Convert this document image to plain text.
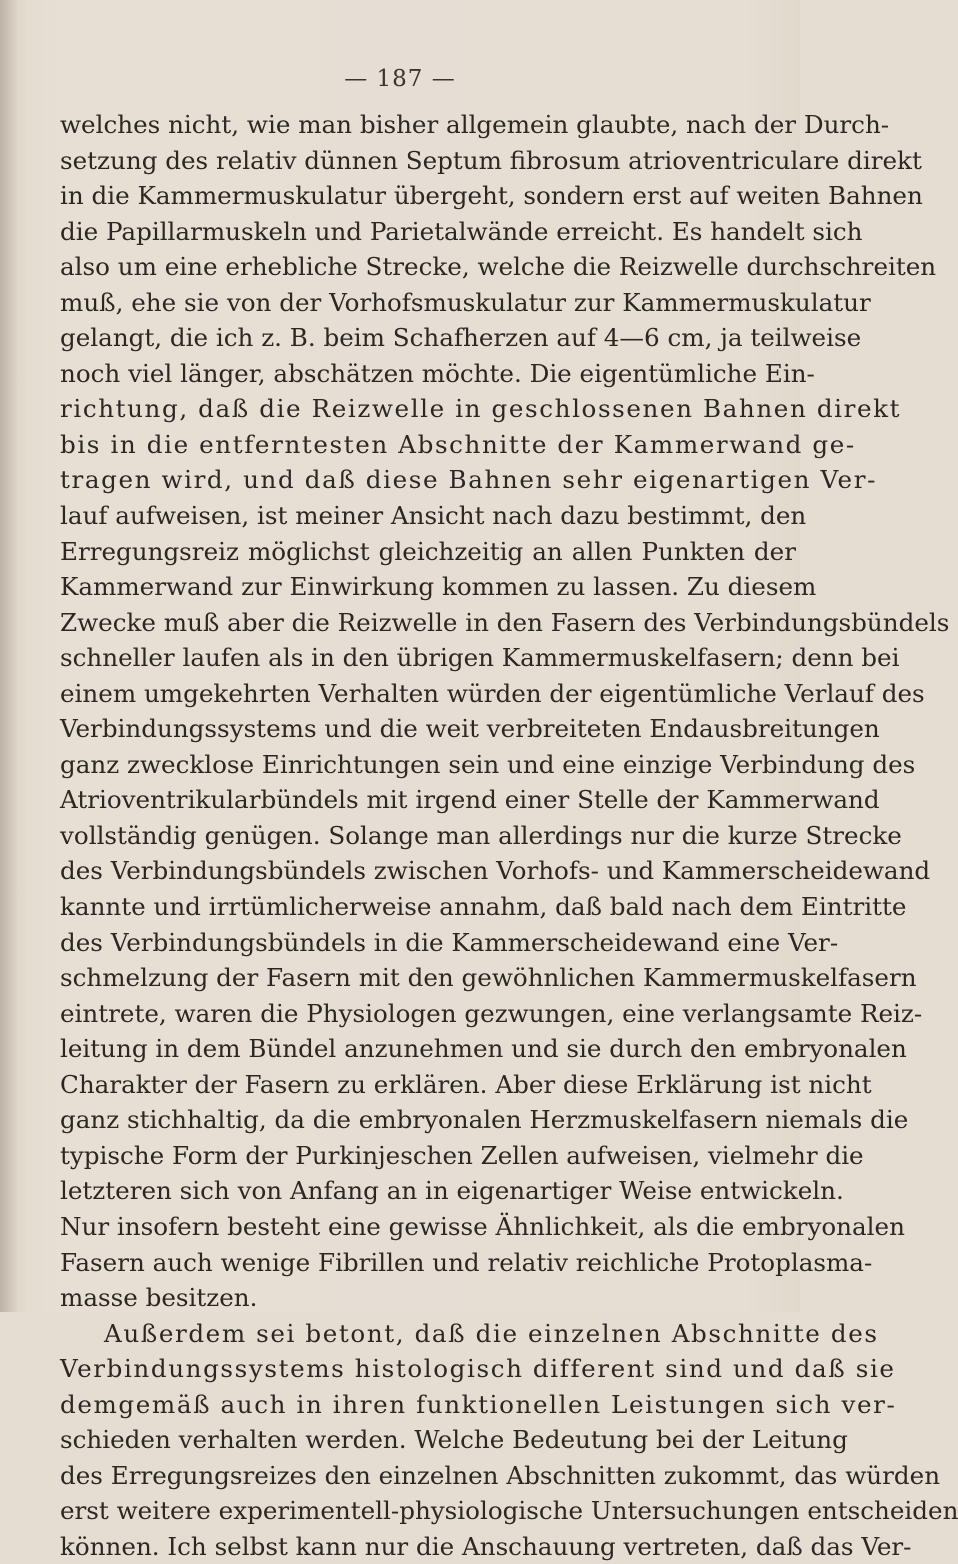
— 187 —
welches nicht, wie man bisher allgemein glaubte, nach der Durch-
setzung des relativ dünnen Septum fibrosum atrioventriculare direkt
in die Kammermuskulatur übergeht, sondern erst auf weiten Bahnen
die Papillarmuskeln und Parietalwände erreicht. Es handelt sich
also um eine erhebliche Strecke, welche die Reizwelle durchschreiten
muß, ehe sie von der Vorhofsmuskulatur zur Kammermuskulatur
gelangt, die ich z. B. beim Schafherzen auf 4—6 cm, ja teilweise
noch viel länger, abschätzen möchte. Die eigentümliche Ein-
richtung, daß die Reizwelle in geschlossenen Bahnen direkt
bis in die entferntesten Abschnitte der Kammerwand ge-
tragen wird, und daß diese Bahnen sehr eigenartigen Ver-
lauf aufweisen, ist meiner Ansicht nach dazu bestimmt, den
Erregungsreiz möglichst gleichzeitig an allen Punkten der
Kammerwand zur Einwirkung kommen zu lassen. Zu diesem
Zwecke muß aber die Reizwelle in den Fasern des Verbindungsbündels
schneller laufen als in den übrigen Kammermuskelfasern; denn bei
einem umgekehrten Verhalten würden der eigentümliche Verlauf des
Verbindungssystems und die weit verbreiteten Endausbreitungen
ganz zwecklose Einrichtungen sein und eine einzige Verbindung des
Atrioventrikularbündels mit irgend einer Stelle der Kammerwand
vollständig genügen. Solange man allerdings nur die kurze Strecke
des Verbindungsbündels zwischen Vorhofs- und Kammerscheidewand
kannte und irrtümlicherweise annahm, daß bald nach dem Eintritte
des Verbindungsbündels in die Kammerscheidewand eine Ver-
schmelzung der Fasern mit den gewöhnlichen Kammermuskelfasern
eintrete, waren die Physiologen gezwungen, eine verlangsamte Reiz-
leitung in dem Bündel anzunehmen und sie durch den embryonalen
Charakter der Fasern zu erklären. Aber diese Erklärung ist nicht
ganz stichhaltig, da die embryonalen Herzmuskelfasern niemals die
typische Form der Purkinjeschen Zellen aufweisen, vielmehr die
letzteren sich von Anfang an in eigenartiger Weise entwickeln.
Nur insofern besteht eine gewisse Ähnlichkeit, als die embryonalen
Fasern auch wenige Fibrillen und relativ reichliche Protoplasma-
masse besitzen.
Außerdem sei betont, daß die einzelnen Abschnitte des
Verbindungssystems histologisch different sind und daß sie
demgemäß auch in ihren funktionellen Leistungen sich ver-
schieden verhalten werden. Welche Bedeutung bei der Leitung
des Erregungsreizes den einzelnen Abschnitten zukommt, das würden
erst weitere experimentell-physiologische Untersuchungen entscheiden
können. Ich selbst kann nur die Anschauung vertreten, daß das Ver-
